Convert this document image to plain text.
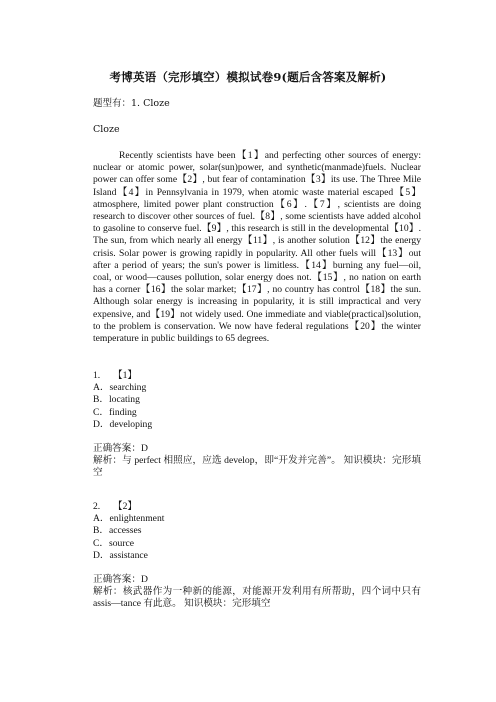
考博英语（完形填空）模拟试卷9(题后含答案及解析)
题型有：1. Cloze
Cloze
Recently scientists have been【1】and perfecting other sources of energy: nuclear or atomic power, solar(sun)power, and synthetic(manmade)fuels. Nuclear power can offer some【2】, but fear of contamination【3】its use. The Three Mile Island【4】in Pennsylvania in 1979, when atomic waste material escaped【5】atmosphere, limited power plant construction【6】.【7】, scientists are doing research to discover other sources of fuel.【8】, some scientists have added alcohol to gasoline to conserve fuel.【9】, this research is still in the developmental【10】. The sun, from which nearly all energy【11】, is another solution【12】the energy crisis. Solar power is growing rapidly in popularity. All other fuels will【13】out after a period of years; the sun's power is limitless.【14】burning any fuel—oil, coal, or wood—causes pollution, solar energy does not.【15】, no nation on earth has a corner【16】the solar market;【17】, no country has control【18】the sun. Although solar energy is increasing in popularity, it is still impractical and very expensive, and【19】not widely used. One immediate and viable(practical)solution, to the problem is conservation. We now have federal regulations【20】the winter temperature in public buildings to 65 degrees.
1. 【1】
A．searching
B．locating
C．finding
D．developing
正确答案：D
解析：与 perfect 相照应，应选 develop，即“开发并完善”。 知识模块：完形填空
2. 【2】
A．enlightenment
B．accesses
C．source
D．assistance
正确答案：D
解析：核武器作为一种新的能源，对能源开发利用有所帮助，四个词中只有 assis—tance 有此意。 知识模块：完形填空
